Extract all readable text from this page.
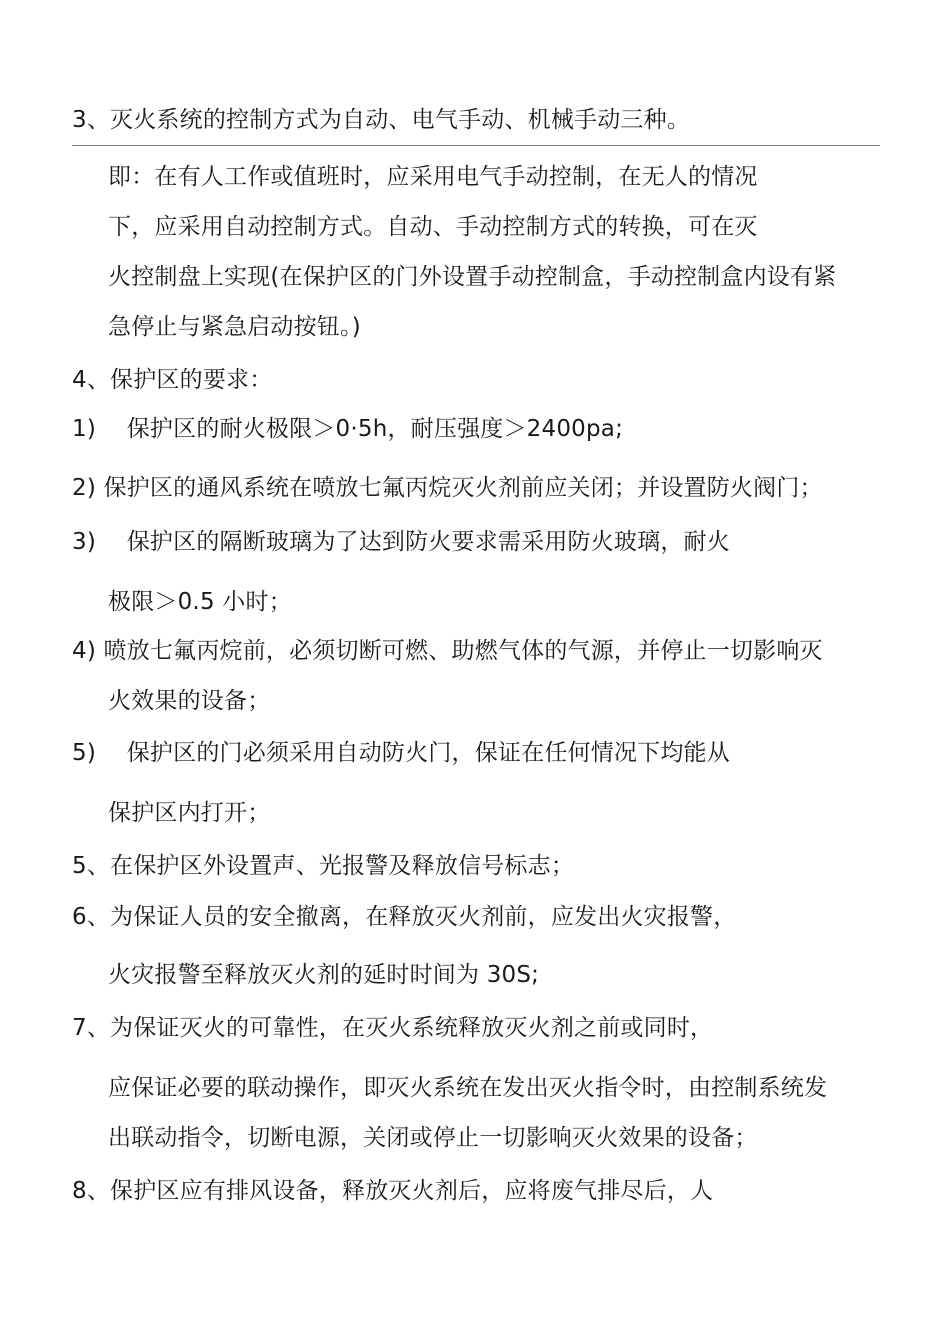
3、灭火系统的控制方式为自动、电气手动、机械手动三种。
即：在有人工作或值班时，应采用电气手动控制，在无人的情况
下，应采用自动控制方式。自动、手动控制方式的转换，可在灭
火控制盘上实现(在保护区的门外设置手动控制盒，手动控制盒内设有紧
急停止与紧急启动按钮。)
4、保护区的要求：
1)　 保护区的耐火极限＞0·5h，耐压强度＞2400pa;
2) 保护区的通风系统在喷放七氟丙烷灭火剂前应关闭；并设置防火阀门；
3)　 保护区的隔断玻璃为了达到防火要求需采用防火玻璃，耐火
极限＞0.5 小时；
4) 喷放七氟丙烷前，必须切断可燃、助燃气体的气源，并停止一切影响灭
火效果的设备；
5)　 保护区的门必须采用自动防火门，保证在任何情况下均能从
保护区内打开；
5、在保护区外设置声、光报警及释放信号标志；
6、为保证人员的安全撤离，在释放灭火剂前，应发出火灾报警，
火灾报警至释放灭火剂的延时时间为 30S;
7、为保证灭火的可靠性，在灭火系统释放灭火剂之前或同时，
应保证必要的联动操作，即灭火系统在发出灭火指令时，由控制系统发
出联动指令，切断电源，关闭或停止一切影响灭火效果的设备；
8、保护区应有排风设备，释放灭火剂后，应将废气排尽后，人
